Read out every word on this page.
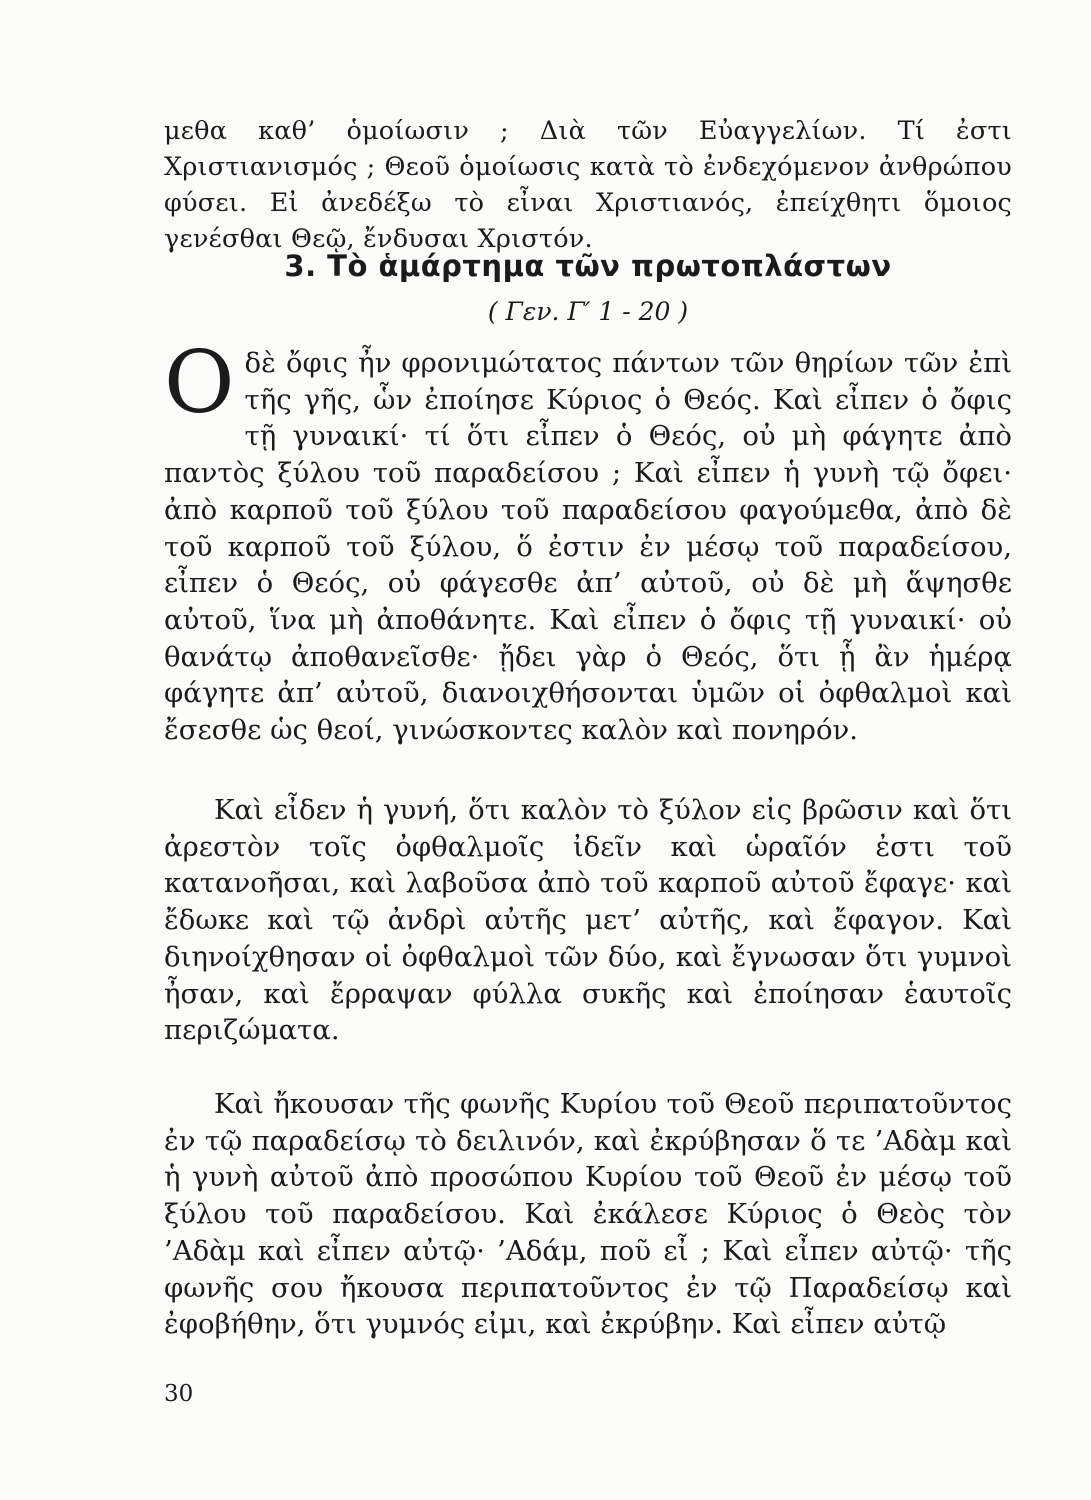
μεθα καθ’ ὁμοίωσιν ; Διὰ τῶν Εὐαγγελίων. Τί ἐστι Χριστιανισμός ; Θεοῦ ὁμοίωσις κατὰ τὸ ἐνδεχόμενον ἀνθρώπου φύσει. Εἰ ἀνεδέξω τὸ εἶναι Χριστιανός, ἐπείχθητι ὅμοιος γενέσθαι Θεῷ, ἔνδυσαι Χριστόν.

3. Τὸ ἁμάρτημα τῶν πρωτοπλάστων

( Γεν. Γ′ 1 - 20 )

Ο δὲ ὄφις ἦν φρονιμώτατος πάντων τῶν θηρίων τῶν ἐπὶ τῆς γῆς, ὧν ἐποίησε Κύριος ὁ Θεός. Καὶ εἶπεν ὁ ὄφις τῇ γυναικί· τί ὅτι εἶπεν ὁ Θεός, οὐ μὴ φάγητε ἀπὸ παντὸς ξύλου τοῦ παραδείσου ; Καὶ εἶπεν ἡ γυνὴ τῷ ὄφει· ἀπὸ καρποῦ τοῦ ξύλου τοῦ παραδείσου φαγούμεθα, ἀπὸ δὲ τοῦ καρποῦ τοῦ ξύλου, ὅ ἐστιν ἐν μέσῳ τοῦ παραδείσου, εἶπεν ὁ Θεός, οὐ φάγεσθε ἀπ’ αὐτοῦ, οὐ δὲ μὴ ἅψησθε αὐτοῦ, ἵνα μὴ ἀποθάνητε. Καὶ εἶπεν ὁ ὄφις τῇ γυναικί· οὐ θανάτῳ ἀποθανεῖσθε· ᾔδει γὰρ ὁ Θεός, ὅτι ᾗ ἂν ἡμέρᾳ φάγητε ἀπ’ αὐτοῦ, διανοιχθήσονται ὑμῶν οἱ ὀφθαλμοὶ καὶ ἔσεσθε ὡς θεοί, γινώσκοντες καλὸν καὶ πονηρόν.

Καὶ εἶδεν ἡ γυνή, ὅτι καλὸν τὸ ξύλον εἰς βρῶσιν καὶ ὅτι ἀρεστὸν τοῖς ὀφθαλμοῖς ἰδεῖν καὶ ὡραῖόν ἐστι τοῦ κατανοῆσαι, καὶ λαβοῦσα ἀπὸ τοῦ καρποῦ αὐτοῦ ἔφαγε· καὶ ἔδωκε καὶ τῷ ἀνδρὶ αὐτῆς μετ’ αὐτῆς, καὶ ἔφαγον. Καὶ διηνοίχθησαν οἱ ὀφθαλμοὶ τῶν δύο, καὶ ἔγνωσαν ὅτι γυμνοὶ ἦσαν, καὶ ἔρραψαν φύλλα συκῆς καὶ ἐποίησαν ἑαυτοῖς περιζώματα.

Καὶ ἤκουσαν τῆς φωνῆς Κυρίου τοῦ Θεοῦ περιπατοῦντος ἐν τῷ παραδείσῳ τὸ δειλινόν, καὶ ἐκρύβησαν ὅ τε ’Αδὰμ καὶ ἡ γυνὴ αὐτοῦ ἀπὸ προσώπου Κυρίου τοῦ Θεοῦ ἐν μέσῳ τοῦ ξύλου τοῦ παραδείσου. Καὶ ἐκάλεσε Κύριος ὁ Θεὸς τὸν ’Αδὰμ καὶ εἶπεν αὐτῷ· ’Αδάμ, ποῦ εἶ ; Καὶ εἶπεν αὐτῷ· τῆς φωνῆς σου ἤκουσα περιπατοῦντος ἐν τῷ Παραδείσῳ καὶ ἐφοβήθην, ὅτι γυμνός εἰμι, καὶ ἐκρύβην. Καὶ εἶπεν αὐτῷ

30
